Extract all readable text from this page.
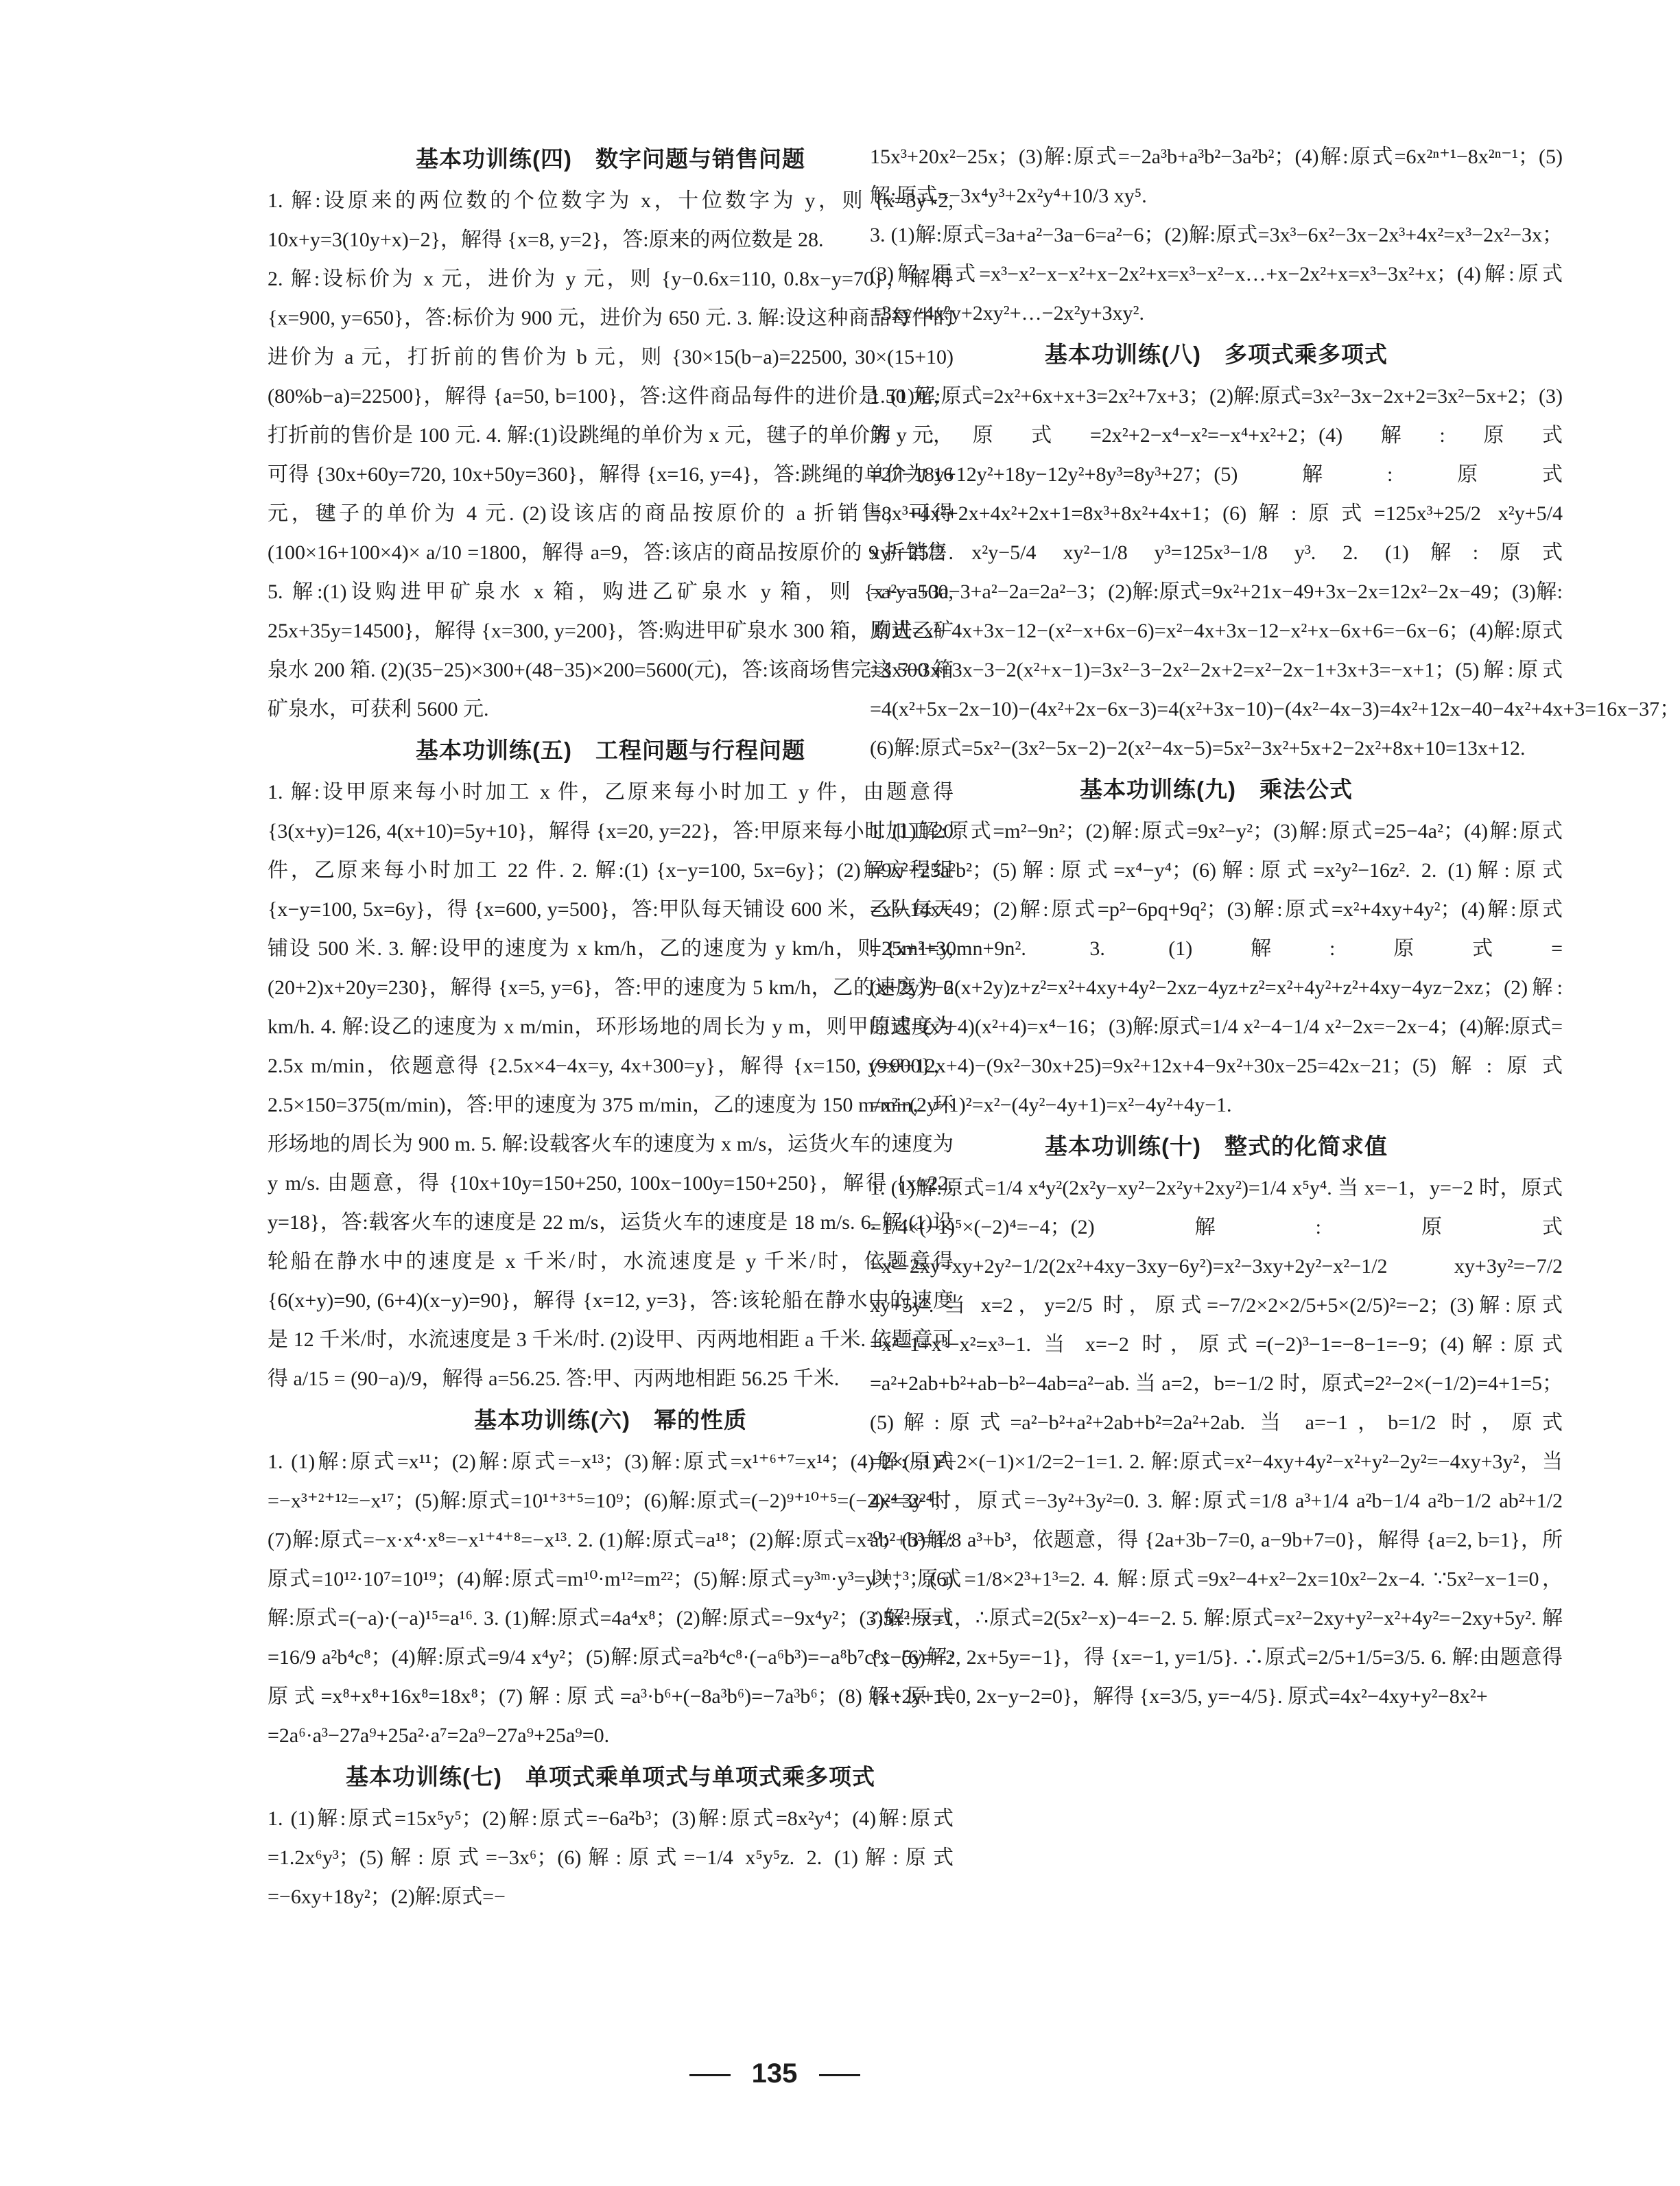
基本功训练(四)　数字问题与销售问题

1. 解:设原来的两位数的个位数字为 x，十位数字为 y，则 {x=3y+2, 10x+y=3(10y+x)−2}，解得 {x=8, y=2}，答:原来的两位数是 28.

2. 解:设标价为 x 元，进价为 y 元，则 {y−0.6x=110, 0.8x−y=70}，解得 {x=900, y=650}，答:标价为 900 元，进价为 650 元. 3. 解:设这种商品每件的进价为 a 元，打折前的售价为 b 元，则 {30×15(b−a)=22500, 30×(15+10)(80%b−a)=22500}，解得 {a=50, b=100}，答:这件商品每件的进价是 50 元，打折前的售价是 100 元. 4. 解:(1)设跳绳的单价为 x 元，毽子的单价为 y 元，可得 {30x+60y=720, 10x+50y=360}，解得 {x=16, y=4}，答:跳绳的单价为 16 元，毽子的单价为 4 元. (2)设该店的商品按原价的 a 折销售，可得(100×16+100×4)× a/10 =1800，解得 a=9，答:该店的商品按原价的 9 折销售. 5. 解:(1)设购进甲矿泉水 x 箱，购进乙矿泉水 y 箱，则 {x+y=500, 25x+35y=14500}，解得 {x=300, y=200}，答:购进甲矿泉水 300 箱，购进乙矿泉水 200 箱. (2)(35−25)×300+(48−35)×200=5600(元)，答:该商场售完这 500 箱矿泉水，可获利 5600 元.

基本功训练(五)　工程问题与行程问题

1. 解:设甲原来每小时加工 x 件，乙原来每小时加工 y 件，由题意得 {3(x+y)=126, 4(x+10)=5y+10}，解得 {x=20, y=22}，答:甲原来每小时加工 20 件，乙原来每小时加工 22 件. 2. 解:(1) {x−y=100, 5x=6y}；(2)解方程组 {x−y=100, 5x=6y}，得 {x=600, y=500}，答:甲队每天铺设 600 米，乙队每天铺设 500 米. 3. 解:设甲的速度为 x km/h，乙的速度为 y km/h，则 {x+1=y, (20+2)x+20y=230}，解得 {x=5, y=6}，答:甲的速度为 5 km/h，乙的速度为 6 km/h. 4. 解:设乙的速度为 x m/min，环形场地的周长为 y m，则甲的速度为 2.5x m/min，依题意得 {2.5x×4−4x=y, 4x+300=y}，解得 {x=150, y=900}，2.5×150=375(m/min)，答:甲的速度为 375 m/min，乙的速度为 150 m/min，环形场地的周长为 900 m. 5. 解:设载客火车的速度为 x m/s，运货火车的速度为 y m/s. 由题意，得 {10x+10y=150+250, 100x−100y=150+250}，解得 {x=22, y=18}，答:载客火车的速度是 22 m/s，运货火车的速度是 18 m/s. 6. 解:(1)设轮船在静水中的速度是 x 千米/时，水流速度是 y 千米/时，依题意得 {6(x+y)=90, (6+4)(x−y)=90}，解得 {x=12, y=3}，答:该轮船在静水中的速度是 12 千米/时，水流速度是 3 千米/时. (2)设甲、丙两地相距 a 千米. 依题意可得 a/15 = (90−a)/9，解得 a=56.25. 答:甲、丙两地相距 56.25 千米.

基本功训练(六)　幂的性质

1. (1)解:原式=x¹¹；(2)解:原式=−x¹³；(3)解:原式=x¹⁺⁶⁺⁷=x¹⁴；(4)解:原式=−x³⁺²⁺¹²=−x¹⁷；(5)解:原式=10¹⁺³⁺⁵=10⁹；(6)解:原式=(−2)⁹⁺¹⁰⁺⁵=(−2)²⁴=2²⁴；(7)解:原式=−x·x⁴·x⁸=−x¹⁺⁴⁺⁸=−x¹³. 2. (1)解:原式=a¹⁸；(2)解:原式=x²⁰；(3)解:原式=10¹²·10⁷=10¹⁹；(4)解:原式=m¹⁰·m¹²=m²²；(5)解:原式=y³ᵐ·y³=y³ᵐ⁺³；(6)解:原式=(−a)·(−a)¹⁵=a¹⁶. 3. (1)解:原式=4a⁴x⁸；(2)解:原式=−9x⁴y²；(3)解:原式=16/9 a²b⁴c⁸；(4)解:原式=9/4 x⁴y²；(5)解:原式=a²b⁴c⁸·(−a⁶b³)=−a⁸b⁷c⁸；(6)解:原式=x⁸+x⁸+16x⁸=18x⁸；(7)解:原式=a³·b⁶+(−8a³b⁶)=−7a³b⁶；(8)解:原式=2a⁶·a³−27a⁹+25a²·a⁷=2a⁹−27a⁹+25a⁹=0.

基本功训练(七)　单项式乘单项式与单项式乘多项式

1. (1)解:原式=15x⁵y⁵；(2)解:原式=−6a²b³；(3)解:原式=8x²y⁴；(4)解:原式=1.2x⁶y³；(5)解:原式=−3x⁶；(6)解:原式=−1/4 x⁵y⁵z. 2. (1)解:原式=−6xy+18y²；(2)解:原式=−

15x³+20x²−25x；(3)解:原式=−2a³b+a³b²−3a²b²；(4)解:原式=6x²ⁿ⁺¹−8x²ⁿ⁻¹；(5)解:原式=−3x⁴y³+2x²y⁴+10/3 xy⁵.

3. (1)解:原式=3a+a²−3a−6=a²−6；(2)解:原式=3x³−6x²−3x−2x³+4x²=x³−2x²−3x；(3)解:原式=x³−x²−x−x²+x−2x²+x=x³−x²−x…+x−2x²+x=x³−3x²+x；(4)解:原式=3xy−4x²y+2xy²+…−2x²y+3xy².

基本功训练(八)　多项式乘多项式

1. (1)解:原式=2x²+6x+x+3=2x²+7x+3；(2)解:原式=3x²−3x−2x+2=3x²−5x+2；(3)解:原式=2x²+2−x⁴−x²=−x⁴+x²+2；(4)解:原式=27−18y+12y²+18y−12y²+8y³=8y³+27；(5)解:原式=8x³+4x²+2x+4x²+2x+1=8x³+8x²+4x+1；(6)解:原式=125x³+25/2 x²y+5/4 xy²−25/2 x²y−5/4 xy²−1/8 y³=125x³−1/8 y³. 2. (1)解:原式=a²−a+3a−3+a²−2a=2a²−3；(2)解:原式=9x²+21x−49+3x−2x=12x²−2x−49；(3)解:原式=x²−4x+3x−12−(x²−x+6x−6)=x²−4x+3x−12−x²+x−6x+6=−6x−6；(4)解:原式=3x²−3x+3x−3−2(x²+x−1)=3x²−3−2x²−2x+2=x²−2x−1+3x+3=−x+1；(5)解:原式=4(x²+5x−2x−10)−(4x²+2x−6x−3)=4(x²+3x−10)−(4x²−4x−3)=4x²+12x−40−4x²+4x+3=16x−37；(6)解:原式=5x²−(3x²−5x−2)−2(x²−4x−5)=5x²−3x²+5x+2−2x²+8x+10=13x+12.

基本功训练(九)　乘法公式

1. (1)解:原式=m²−9n²；(2)解:原式=9x²−y²；(3)解:原式=25−4a²；(4)解:原式=9x²−25a²b²；(5)解:原式=x⁴−y⁴；(6)解:原式=x²y²−16z². 2. (1)解:原式=x²−14x+49；(2)解:原式=p²−6pq+9q²；(3)解:原式=x²+4xy+4y²；(4)解:原式=25m²+30mn+9n². 3. (1)解:原式=(x+2y)²−2(x+2y)z+z²=x²+4xy+4y²−2xz−4yz+z²=x²+4y²+z²+4xy−4yz−2xz；(2)解:原式=(x²−4)(x²+4)=x⁴−16；(3)解:原式=1/4 x²−4−1/4 x²−2x=−2x−4；(4)解:原式=(9x²+12x+4)−(9x²−30x+25)=9x²+12x+4−9x²+30x−25=42x−21；(5)解:原式=x²−(2y−1)²=x²−(4y²−4y+1)=x²−4y²+4y−1.

基本功训练(十)　整式的化简求值

1. (1)解:原式=1/4 x⁴y²(2x²y−xy²−2x²y+2xy²)=1/4 x⁵y⁴. 当 x=−1，y=−2 时，原式=1/4×(−1)⁵×(−2)⁴=−4；(2)解:原式=x²−2xy−xy+2y²−1/2(2x²+4xy−3xy−6y²)=x²−3xy+2y²−x²−1/2 xy+3y²=−7/2 xy+5y². 当 x=2，y=2/5 时，原式=−7/2×2×2/5+5×(2/5)²=−2；(3)解:原式=x²−1+x³−x²=x³−1. 当 x=−2 时，原式=(−2)³−1=−8−1=−9；(4)解:原式=a²+2ab+b²+ab−b²−4ab=a²−ab. 当 a=2，b=−1/2 时，原式=2²−2×(−1/2)=4+1=5；(5)解:原式=a²−b²+a²+2ab+b²=2a²+2ab. 当 a=−1，b=1/2 时，原式=2×(−1)²+2×(−1)×1/2=2−1=1. 2. 解:原式=x²−4xy+4y²−x²+y²−2y²=−4xy+3y²，当 4x=3y 时，原式=−3y²+3y²=0. 3. 解:原式=1/8 a³+1/4 a²b−1/4 a²b−1/2 ab²+1/2 ab²+b³=1/8 a³+b³，依题意，得 {2a+3b−7=0, a−9b+7=0}，解得 {a=2, b=1}，所以，原式=1/8×2³+1³=2. 4. 解:原式=9x²−4+x²−2x=10x²−2x−4. ∵5x²−x−1=0，∴5x²−x=1，∴原式=2(5x²−x)−4=−2. 5. 解:原式=x²−2xy+y²−x²+4y²=−2xy+5y². 解 {x−5y=−2, 2x+5y=−1}，得 {x=−1, y=1/5}. ∴原式=2/5+1/5=3/5. 6. 解:由题意得 {x+2y+1=0, 2x−y−2=0}，解得 {x=3/5, y=−4/5}. 原式=4x²−4xy+y²−8x²+

135
